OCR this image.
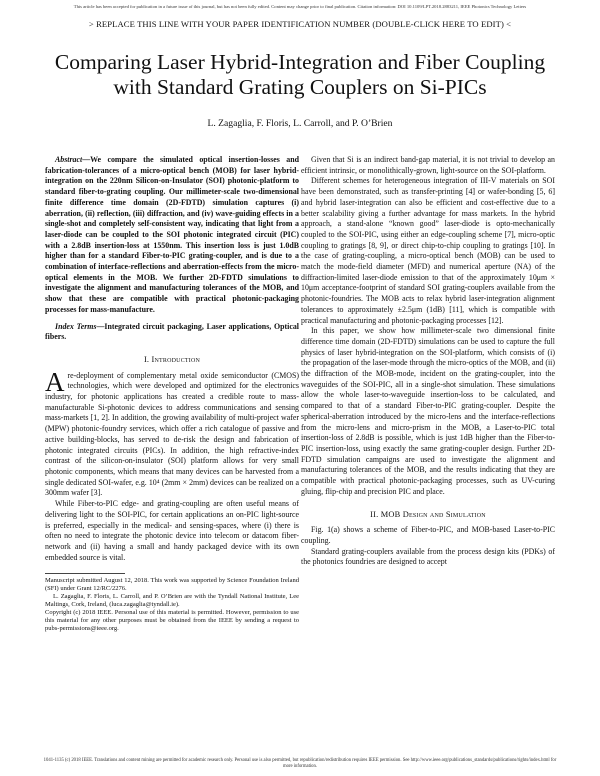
This article has been accepted for publication in a future issue of this journal, but has not been fully edited. Content may change prior to final publication. Citation information: DOI 10.1109/LPT.2018.2883211, IEEE Photonics Technology Letters
> REPLACE THIS LINE WITH YOUR PAPER IDENTIFICATION NUMBER (DOUBLE-CLICK HERE TO EDIT) <
Comparing Laser Hybrid-Integration and Fiber Coupling with Standard Grating Couplers on Si-PICs
L. Zagaglia, F. Floris, L. Carroll, and P. O’Brien

Abstract—We compare the simulated optical insertion-losses and fabrication-tolerances of a micro-optical bench (MOB) for laser hybrid-integration on the 220nm Silicon-on-Insulator (SOI) photonic-platform to standard fiber-to-grating coupling. Our millimeter-scale two-dimensional finite difference time domain (2D-FDTD) simulation captures (i) aberration, (ii) reflection, (iii) diffraction, and (iv) wave-guiding effects in a single-shot and completely self-consistent way, indicating that light from a laser-diode can be coupled to the SOI photonic integrated circuit (PIC) with a 2.8dB insertion-loss at 1550nm. This insertion loss is just 1.0dB higher than for a standard Fiber-to-PIC grating-coupler, and is due to a combination of interface-reflections and aberration-effects from the micro-optical elements in the MOB. We further 2D-FDTD simulations to investigate the alignment and manufacturing tolerances of the MOB, and show that these are compatible with practical photonic-packaging processes for mass-manufacture.

Index Terms—Integrated circuit packaging, Laser applications, Optical fibers.

I. Introduction

Are-deployment of complementary metal oxide semiconductor (CMOS) technologies, which were developed and optimized for the electronics industry, for photonic applications has created a credible route to mass-manufacturable Si-photonic devices to address communications and sensing mass-markets [1, 2]. In addition, the growing availability of multi-project wafer (MPW) photonic-foundry services, which offer a rich catalogue of passive and active building-blocks, has served to de-risk the design and fabrication of photonic integrated circuits (PICs). In addition, the high refractive-index contrast of the silicon-on-insulator (SOI) platform allows for very small photonic components, which means that many devices can be harvested from a single dedicated SOI-wafer, e.g. 10⁴ (2mm × 2mm) devices can be realized on a 300mm wafer [3].

While Fiber-to-PIC edge- and grating-coupling are often useful means of delivering light to the SOI-PIC, for certain applications an on-PIC light-source is preferred, especially in the medical- and sensing-spaces, where (i) there is often no need to integrate the photonic device into telecom or datacom fiber-network and (ii) having a small and handy packaged device with its own embedded source is vital.

Manuscript submitted August 12, 2018. This work was supported by Science Foundation Ireland (SFI) under Grant 12/RC/2276.

L. Zagaglia, F. Floris, L. Carroll, and P. O’Brien are with the Tyndall National Institute, Lee Maltings, Cork, Ireland, (luca.zagaglia@tyndall.ie).

Copyright (c) 2018 IEEE. Personal use of this material is permitted. However, permission to use this material for any other purposes must be obtained from the IEEE by sending a request to pubs-permissions@ieee.org.

Given that Si is an indirect band-gap material, it is not trivial to develop an efficient intrinsic, or monolithically-grown, light-source on the SOI-platform.

Different schemes for heterogeneous integration of III-V materials on SOI have been demonstrated, such as transfer-printing [4] or wafer-bonding [5, 6] and hybrid laser-integration can also be efficient and cost-effective due to a better scalability giving a further advantage for mass markets. In the hybrid approach, a stand-alone “known good” laser-diode is opto-mechanically coupled to the SOI-PIC, using either an edge-coupling scheme [7], micro-optic coupling to gratings [8, 9], or direct chip-to-chip coupling to gratings [10]. In the case of grating-coupling, a micro-optical bench (MOB) can be used to match the mode-field diameter (MFD) and numerical aperture (NA) of the diffraction-limited laser-diode emission to that of the approximately 10μm × 10μm acceptance-footprint of standard SOI grating-couplers available from the photonic-foundries. The MOB acts to relax hybrid laser-integration alignment tolerances to approximately ±2.5μm (1dB) [11], which is compatible with practical manufacturing and photonic-packaging processes [12].

In this paper, we show how millimeter-scale two dimensional finite difference time domain (2D-FDTD) simulations can be used to capture the full physics of laser hybrid-integration on the SOI-platform, which consists of (i) the propagation of the laser-mode through the micro-optics of the MOB, and (ii) the diffraction of the MOB-mode, incident on the grating-coupler, into the waveguides of the SOI-PIC, all in a single-shot simulation. These simulations allow the whole laser-to-waveguide insertion-loss to be calculated, and compared to that of a standard Fiber-to-PIC grating-coupler. Despite the spherical-aberration introduced by the micro-lens and the interface-reflections from the micro-lens and micro-prism in the MOB, a Laser-to-PIC total insertion-loss of 2.8dB is possible, which is just 1dB higher than the Fiber-to-PIC insertion-loss, using exactly the same grating-coupler design. Further 2D-FDTD simulation campaigns are used to investigate the alignment and manufacturing tolerances of the MOB, and the results indicating that they are compatible with practical photonic-packaging processes, such as UV-curing gluing, flip-chip and precision PIC and place.

II. MOB Design and Simulation

Fig. 1(a) shows a scheme of Fiber-to-PIC, and MOB-based Laser-to-PIC coupling.

Standard grating-couplers available from the process design kits (PDKs) of the photonics foundries are designed to accept

1041-1135 (c) 2018 IEEE. Translations and content mining are permitted for academic research only. Personal use is also permitted, but republication/redistribution requires IEEE permission. See http://www.ieee.org/publications_standards/publications/rights/index.html for more information.
